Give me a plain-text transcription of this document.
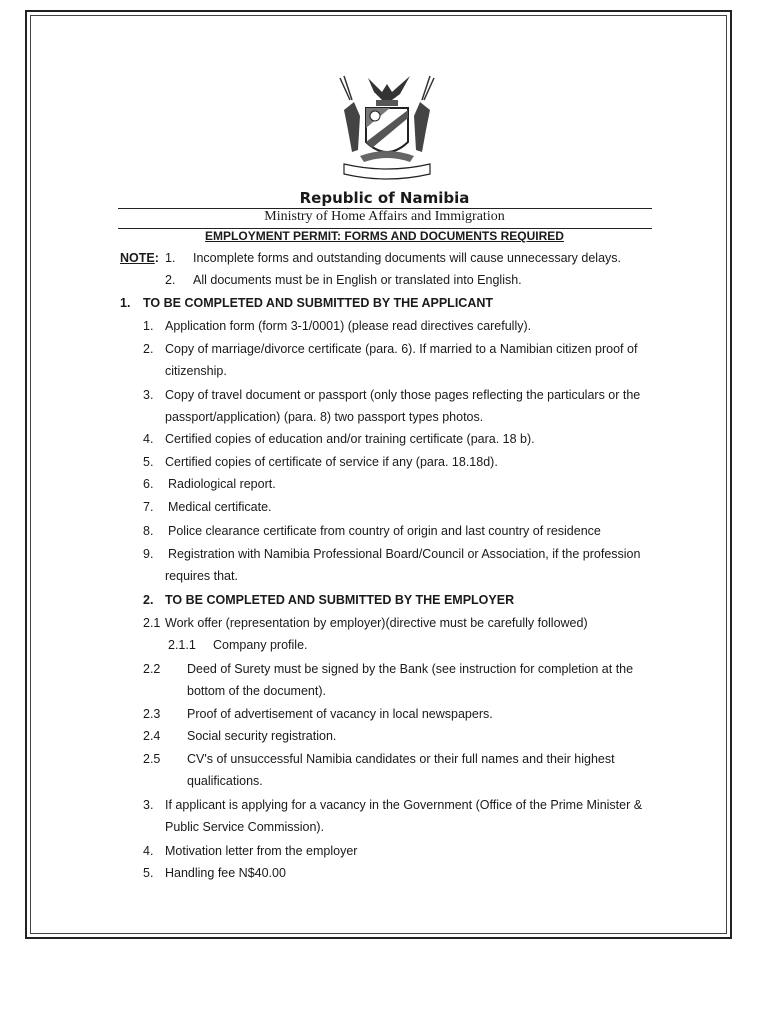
Republic of Namibia
Ministry of Home Affairs and Immigration
EMPLOYMENT PERMIT: FORMS AND DOCUMENTS REQUIRED
NOTE: 1. Incomplete forms and outstanding documents will cause unnecessary delays.
2. All documents must be in English or translated into English.
1. TO BE COMPLETED AND SUBMITTED BY THE APPLICANT
1. Application form (form 3-1/0001) (please read directives carefully).
2. Copy of marriage/divorce certificate (para. 6). If married to a Namibian citizen proof of
citizenship.
3. Copy of travel document or passport (only those pages reflecting the particulars or the
passport/application) (para. 8) two passport types photos.
4. Certified copies of education and/or training certificate (para. 18 b).
5. Certified copies of certificate of service if any (para. 18.18d).
6. Radiological report.
7. Medical certificate.
8. Police clearance certificate from country of origin and last country of residence
9. Registration with Namibia Professional Board/Council or Association, if the profession
requires that.
2. TO BE COMPLETED AND SUBMITTED BY THE EMPLOYER
2.1 Work offer (representation by employer)(directive must be carefully followed)
2.1.1 Company profile.
2.2 Deed of Surety must be signed by the Bank (see instruction for completion at the
bottom of the document).
2.3 Proof of advertisement of vacancy in local newspapers.
2.4 Social security registration.
2.5 CV's of unsuccessful Namibia candidates or their full names and their highest
qualifications.
3. If applicant is applying for a vacancy in the Government (Office of the Prime Minister &
Public Service Commission).
4. Motivation letter from the employer
5. Handling fee N$40.00
